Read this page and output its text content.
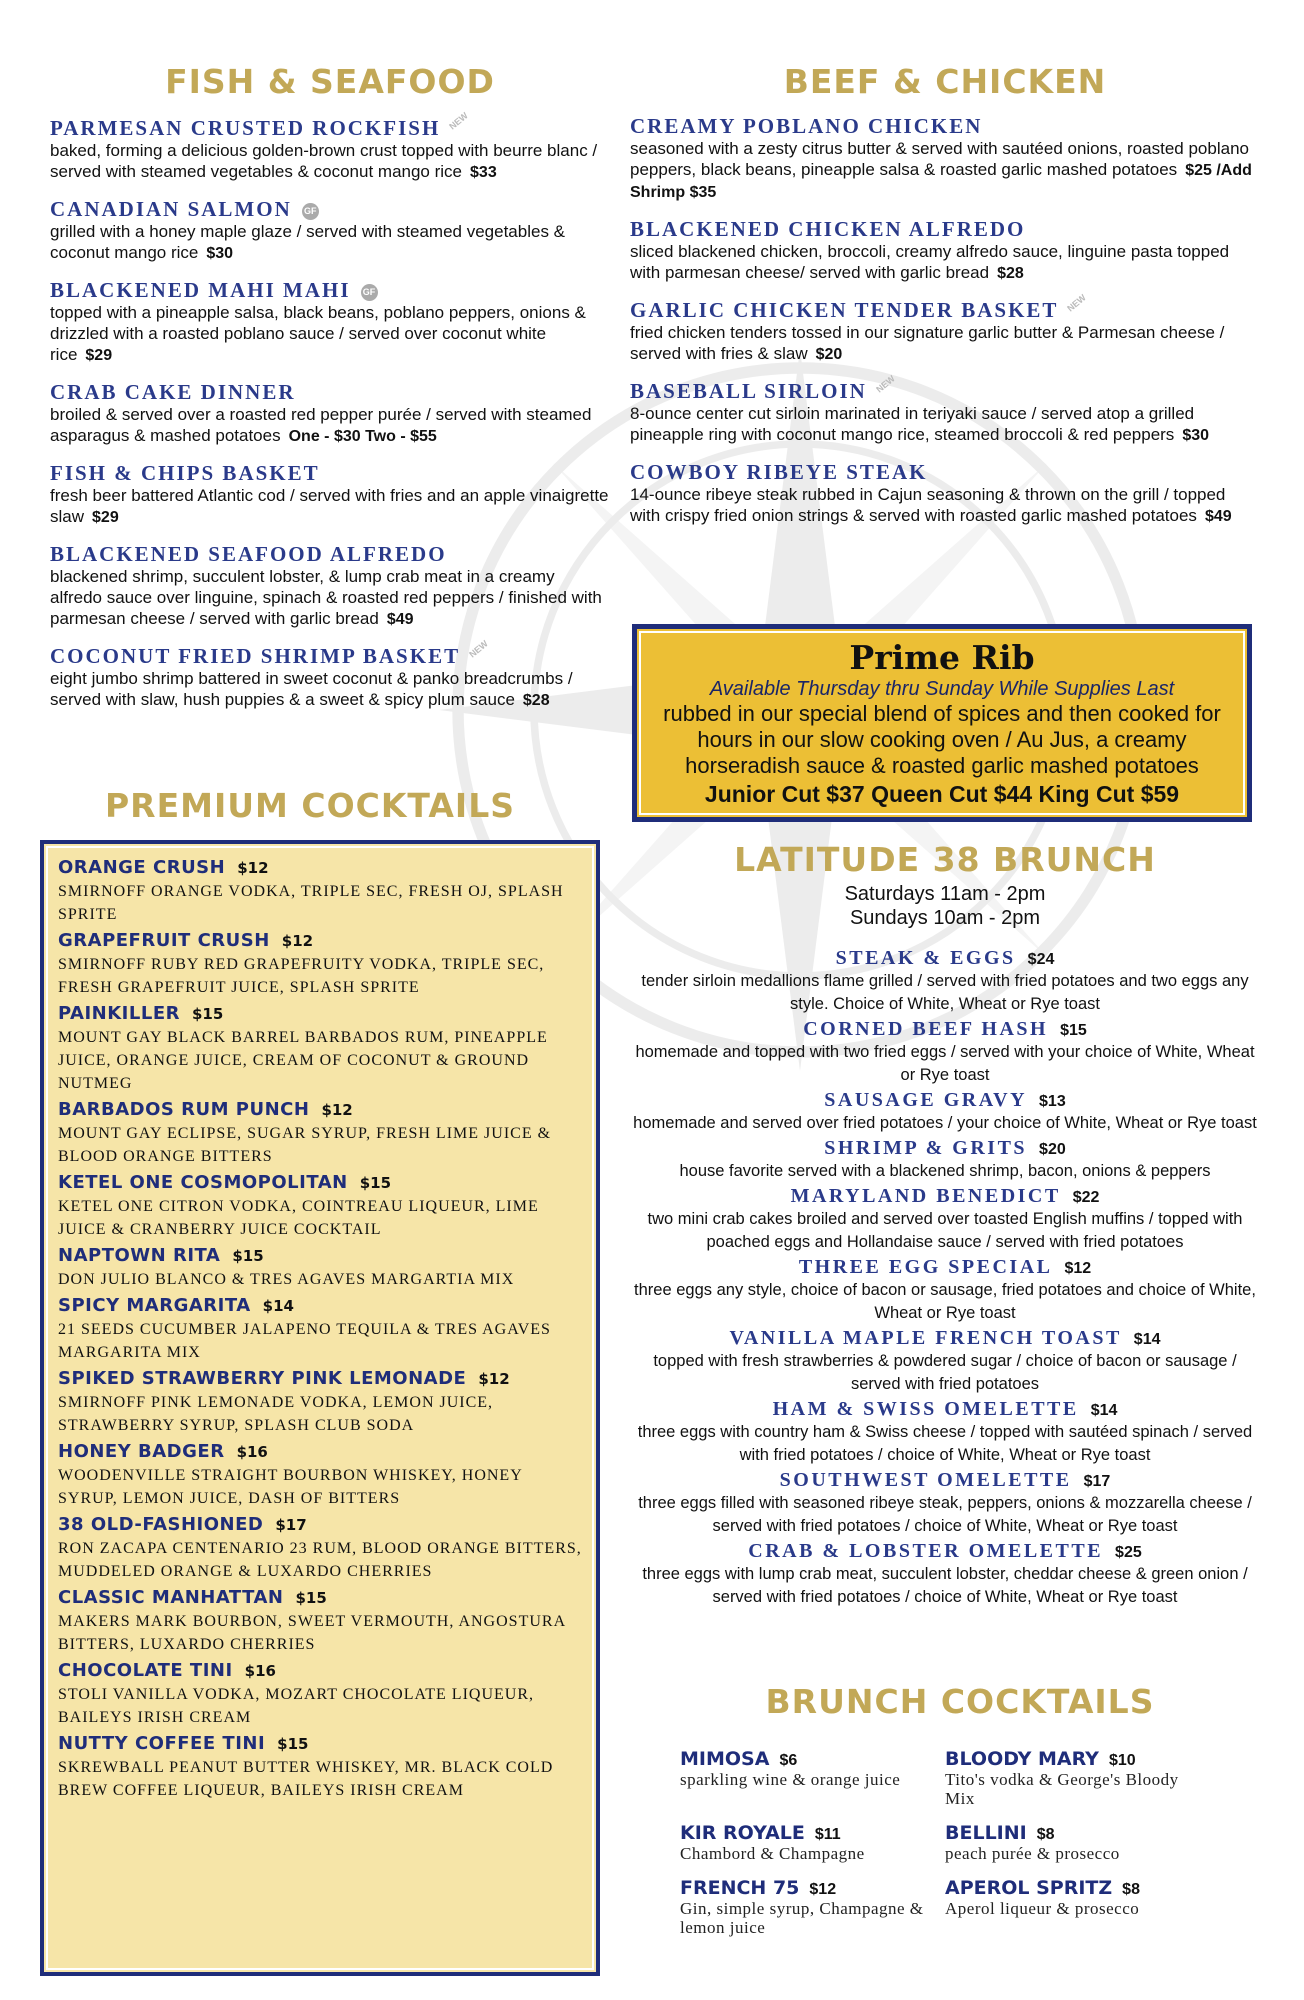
FISH & SEAFOOD
PARMESAN CRUSTED ROCKFISH NEW
baked, forming a delicious golden-brown crust topped with beurre blanc / served with steamed vegetables & coconut mango rice $33
CANADIAN SALMON GF
grilled with a honey maple glaze / served with steamed vegetables & coconut mango rice $30
BLACKENED MAHI MAHI GF
topped with a pineapple salsa, black beans, poblano peppers, onions & drizzled with a roasted poblano sauce / served over coconut white rice $29
CRAB CAKE DINNER
broiled & served over a roasted red pepper purée / served with steamed asparagus & mashed potatoes One - $30 Two - $55
FISH & CHIPS BASKET
fresh beer battered Atlantic cod / served with fries and an apple vinaigrette slaw $29
BLACKENED SEAFOOD ALFREDO
blackened shrimp, succulent lobster, & lump crab meat in a creamy alfredo sauce over linguine, spinach & roasted red peppers / finished with parmesan cheese / served with garlic bread $49
COCONUT FRIED SHRIMP BASKET NEW
eight jumbo shrimp battered in sweet coconut & panko breadcrumbs / served with slaw, hush puppies & a sweet & spicy plum sauce $28
BEEF & CHICKEN
CREAMY POBLANO CHICKEN
seasoned with a zesty citrus butter & served with sautéed onions, roasted poblano peppers, black beans, pineapple salsa & roasted garlic mashed potatoes $25 /Add Shrimp $35
BLACKENED CHICKEN ALFREDO
sliced blackened chicken, broccoli, creamy alfredo sauce, linguine pasta topped with parmesan cheese/ served with garlic bread $28
GARLIC CHICKEN TENDER BASKET NEW
fried chicken tenders tossed in our signature garlic butter & Parmesan cheese / served with fries & slaw $20
BASEBALL SIRLOIN NEW
8-ounce center cut sirloin marinated in teriyaki sauce / served atop a grilled pineapple ring with coconut mango rice, steamed broccoli & red peppers $30
COWBOY RIBEYE STEAK
14-ounce ribeye steak rubbed in Cajun seasoning & thrown on the grill / topped with crispy fried onion strings & served with roasted garlic mashed potatoes $49
Prime Rib
Available Thursday thru Sunday While Supplies Last
rubbed in our special blend of spices and then cooked for hours in our slow cooking oven / Au Jus, a creamy horseradish sauce & roasted garlic mashed potatoes
Junior Cut $37 Queen Cut $44 King Cut $59
PREMIUM COCKTAILS
ORANGE CRUSH $12
SMIRNOFF ORANGE VODKA, TRIPLE SEC, FRESH OJ, SPLASH SPRITE
GRAPEFRUIT CRUSH $12
SMIRNOFF RUBY RED GRAPEFRUITY VODKA, TRIPLE SEC, FRESH GRAPEFRUIT JUICE, SPLASH SPRITE
PAINKILLER $15
MOUNT GAY BLACK BARREL BARBADOS RUM, PINEAPPLE JUICE, ORANGE JUICE, CREAM OF COCONUT & GROUND NUTMEG
BARBADOS RUM PUNCH $12
MOUNT GAY ECLIPSE, SUGAR SYRUP, FRESH LIME JUICE & BLOOD ORANGE BITTERS
KETEL ONE COSMOPOLITAN $15
KETEL ONE CITRON VODKA, COINTREAU LIQUEUR, LIME JUICE & CRANBERRY JUICE COCKTAIL
NAPTOWN RITA $15
DON JULIO BLANCO & TRES AGAVES MARGARTIA MIX
SPICY MARGARITA $14
21 SEEDS CUCUMBER JALAPENO TEQUILA & TRES AGAVES MARGARITA MIX
SPIKED STRAWBERRY PINK LEMONADE $12
SMIRNOFF PINK LEMONADE VODKA, LEMON JUICE, STRAWBERRY SYRUP, SPLASH CLUB SODA
HONEY BADGER $16
WOODENVILLE STRAIGHT BOURBON WHISKEY, HONEY SYRUP, LEMON JUICE, DASH OF BITTERS
38 OLD-FASHIONED $17
RON ZACAPA CENTENARIO 23 RUM, BLOOD ORANGE BITTERS, MUDDELED ORANGE & LUXARDO CHERRIES
CLASSIC MANHATTAN $15
MAKERS MARK BOURBON, SWEET VERMOUTH, ANGOSTURA BITTERS, LUXARDO CHERRIES
CHOCOLATE TINI $16
STOLI VANILLA VODKA, MOZART CHOCOLATE LIQUEUR, BAILEYS IRISH CREAM
NUTTY COFFEE TINI $15
SKREWBALL PEANUT BUTTER WHISKEY, MR. BLACK COLD BREW COFFEE LIQUEUR, BAILEYS IRISH CREAM
LATITUDE 38 BRUNCH
Saturdays 11am - 2pm
Sundays 10am - 2pm
STEAK & EGGS $24
tender sirloin medallions flame grilled / served with fried potatoes and two eggs any style. Choice of White, Wheat or Rye toast
CORNED BEEF HASH $15
homemade and topped with two fried eggs / served with your choice of White, Wheat or Rye toast
SAUSAGE GRAVY $13
homemade and served over fried potatoes / your choice of White, Wheat or Rye toast
SHRIMP & GRITS $20
house favorite served with a blackened shrimp, bacon, onions & peppers
MARYLAND BENEDICT $22
two mini crab cakes broiled and served over toasted English muffins / topped with poached eggs and Hollandaise sauce / served with fried potatoes
THREE EGG SPECIAL $12
three eggs any style, choice of bacon or sausage, fried potatoes and choice of White, Wheat or Rye toast
VANILLA MAPLE FRENCH TOAST $14
topped with fresh strawberries & powdered sugar / choice of bacon or sausage / served with fried potatoes
HAM & SWISS OMELETTE $14
three eggs with country ham & Swiss cheese / topped with sautéed spinach / served with fried potatoes / choice of White, Wheat or Rye toast
SOUTHWEST OMELETTE $17
three eggs filled with seasoned ribeye steak, peppers, onions & mozzarella cheese / served with fried potatoes / choice of White, Wheat or Rye toast
CRAB & LOBSTER OMELETTE $25
three eggs with lump crab meat, succulent lobster, cheddar cheese & green onion / served with fried potatoes / choice of White, Wheat or Rye toast
BRUNCH COCKTAILS
MIMOSA $6
sparkling wine & orange juice
BLOODY MARY $10
Tito's vodka & George's Bloody Mix
KIR ROYALE $11
Chambord & Champagne
BELLINI $8
peach purée & prosecco
FRENCH 75 $12
Gin, simple syrup, Champagne & lemon juice
APEROL SPRITZ $8
Aperol liqueur & prosecco
